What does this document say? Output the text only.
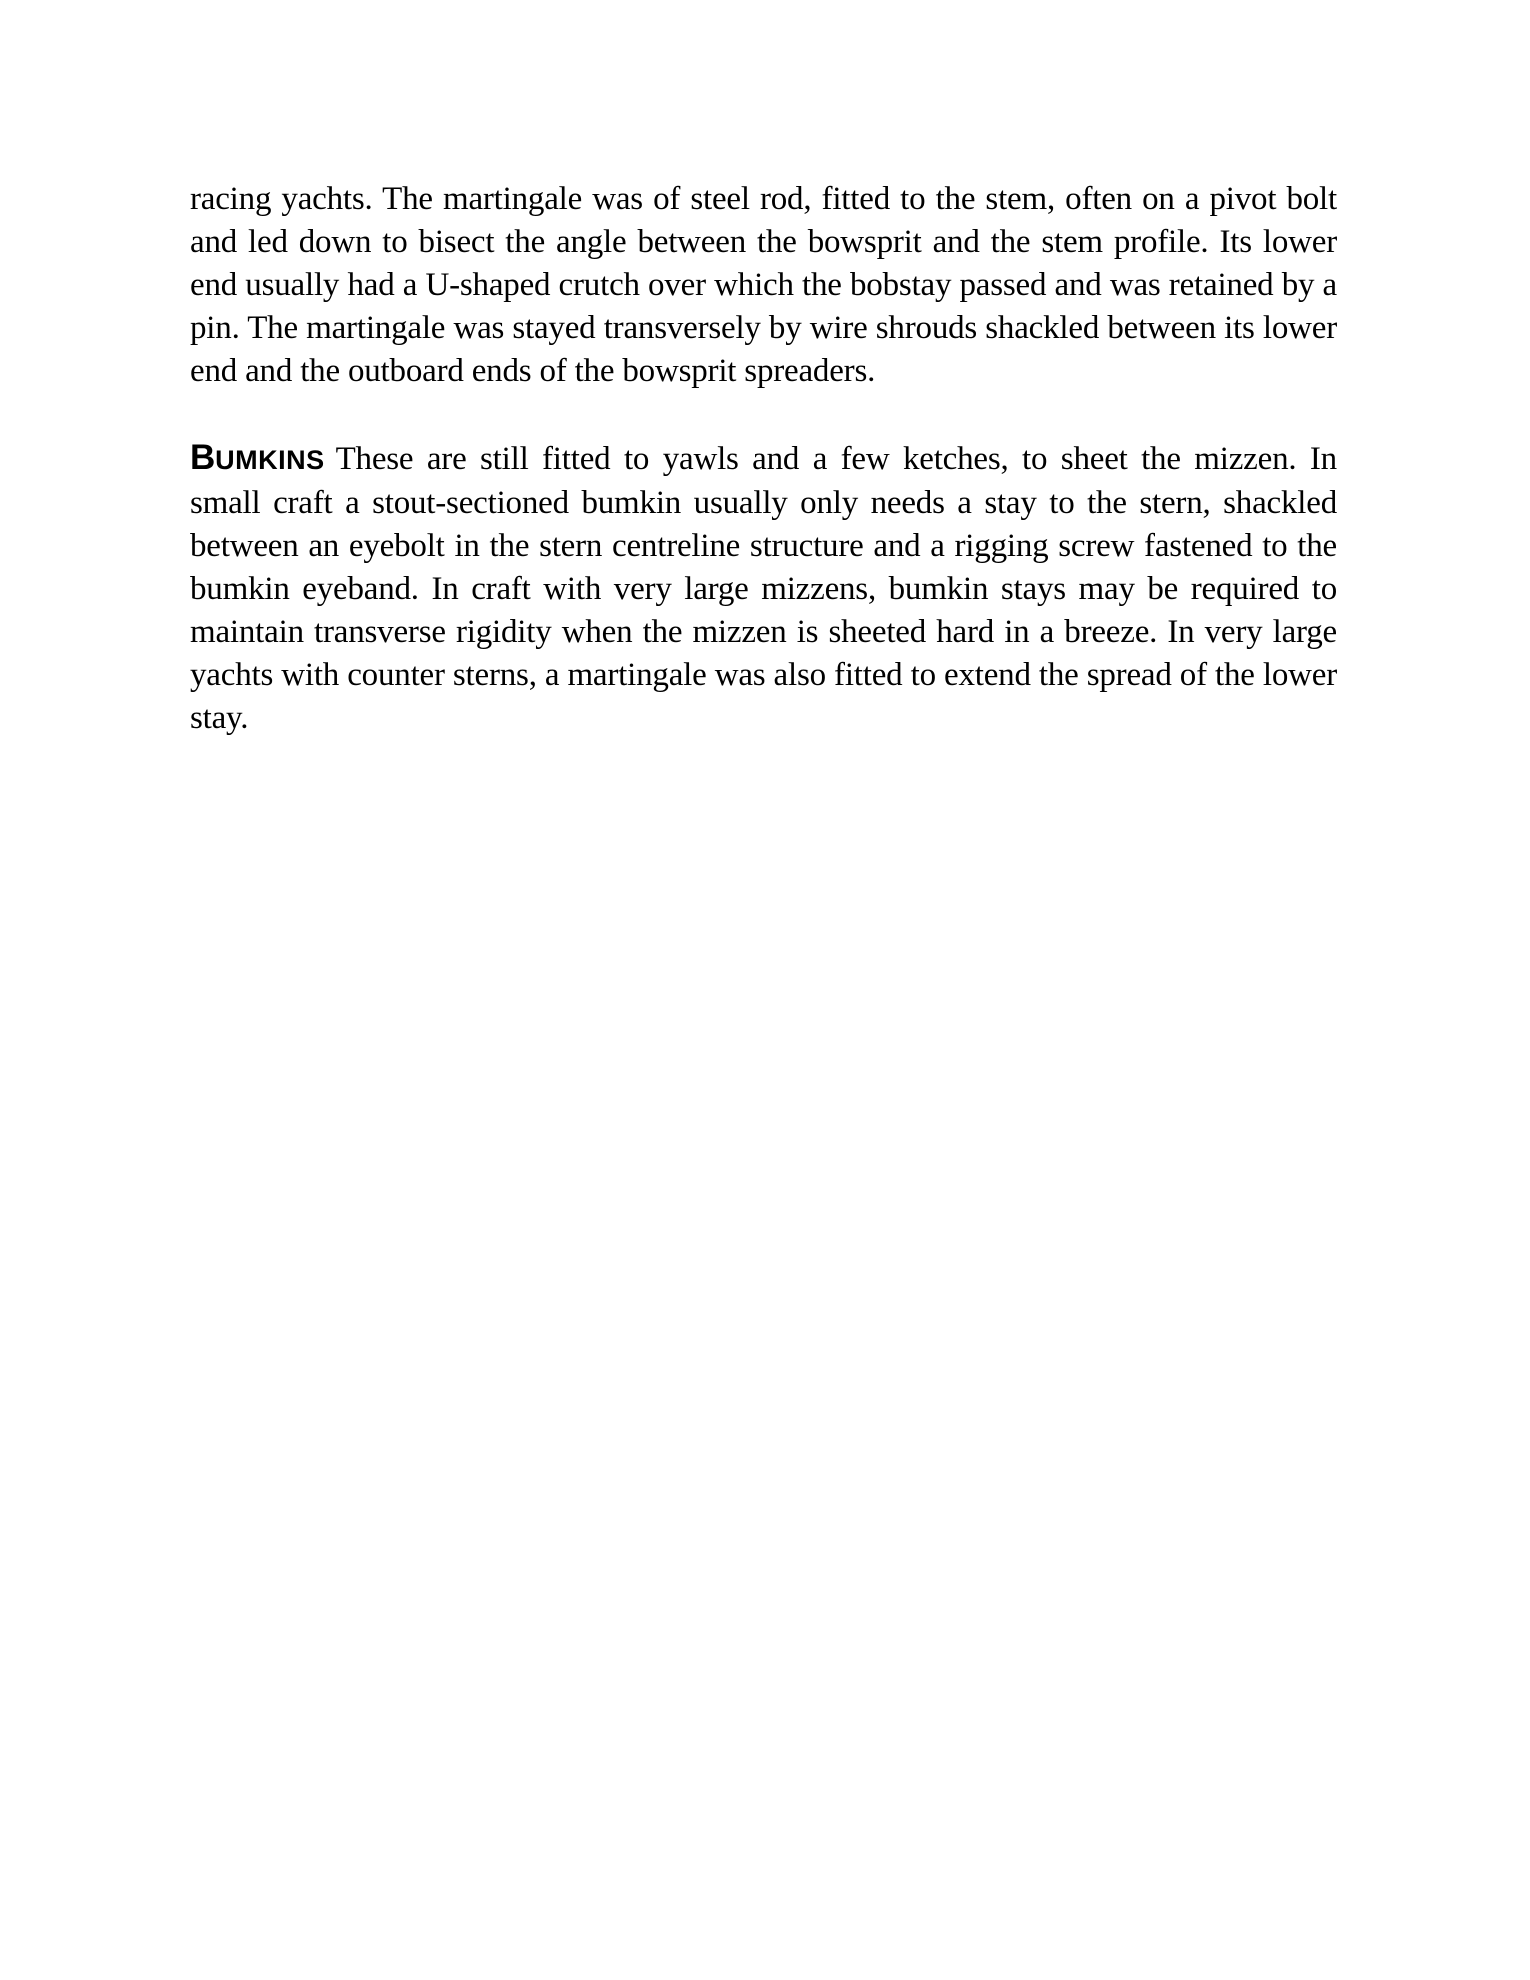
racing yachts. The martingale was of steel rod, fitted to the stem, often on a pivot bolt and led down to bisect the angle between the bowsprit and the stem profile. Its lower end usually had a U-shaped crutch over which the bobstay passed and was retained by a pin. The martingale was stayed transversely by wire shrouds shackled between its lower end and the outboard ends of the bowsprit spreaders.

BUMKINS These are still fitted to yawls and a few ketches, to sheet the mizzen. In small craft a stout-sectioned bumkin usually only needs a stay to the stern, shackled between an eyebolt in the stern centreline structure and a rigging screw fastened to the bumkin eyeband. In craft with very large mizzens, bumkin stays may be required to maintain transverse rigidity when the mizzen is sheeted hard in a breeze. In very large yachts with counter sterns, a martingale was also fitted to extend the spread of the lower stay.
